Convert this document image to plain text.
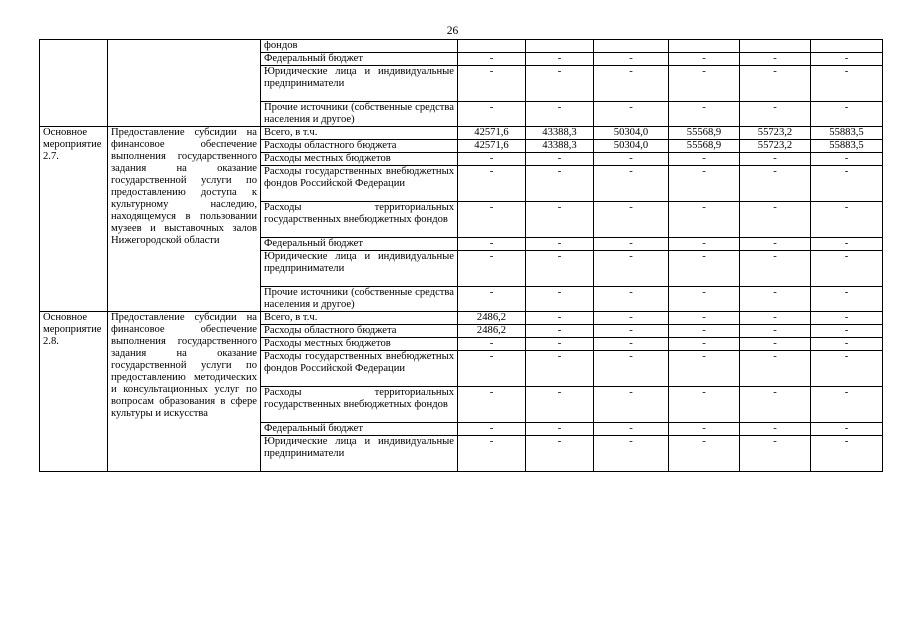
26
		фондов						
		Федеральный бюджет	-	-	-	-	-	-
		Юридические лица и индивидуальные предприниматели	-	-	-	-	-	-
		Прочие источники (собственные средства населения и другое)	-	-	-	-	-	-
Основное мероприятие 2.7.	Предоставление субсидии на финансовое обеспечение выполнения государственного задания на оказание государственной услуги по предоставлению доступа к культурному наследию, находящемуся в пользовании музеев и выставочных залов Нижегородской области	Всего, в т.ч.	42571,6	43388,3	50304,0	55568,9	55723,2	55883,5
		Расходы областного бюджета	42571,6	43388,3	50304,0	55568,9	55723,2	55883,5
		Расходы местных бюджетов	-	-	-	-	-	-
		Расходы государственных внебюджетных фондов Российской Федерации	-	-	-	-	-	-
		Расходы территориальных государственных внебюджетных фондов	-	-	-	-	-	-
		Федеральный бюджет	-	-	-	-	-	-
		Юридические лица и индивидуальные предприниматели	-	-	-	-	-	-
		Прочие источники (собственные средства населения и другое)	-	-	-	-	-	-
Основное мероприятие 2.8.	Предоставление субсидии на финансовое обеспечение выполнения государственного задания на оказание государственной услуги по предоставлению методических и консультационных услуг по вопросам образования в сфере культуры и искусства	Всего, в т.ч.	2486,2	-	-	-	-	-
		Расходы областного бюджета	2486,2	-	-	-	-	-
		Расходы местных бюджетов	-	-	-	-	-	-
		Расходы государственных внебюджетных фондов Российской Федерации	-	-	-	-	-	-
		Расходы территориальных государственных внебюджетных фондов	-	-	-	-	-	-
		Федеральный бюджет	-	-	-	-	-	-
		Юридические лица и индивидуальные предприниматели	-	-	-	-	-	-
